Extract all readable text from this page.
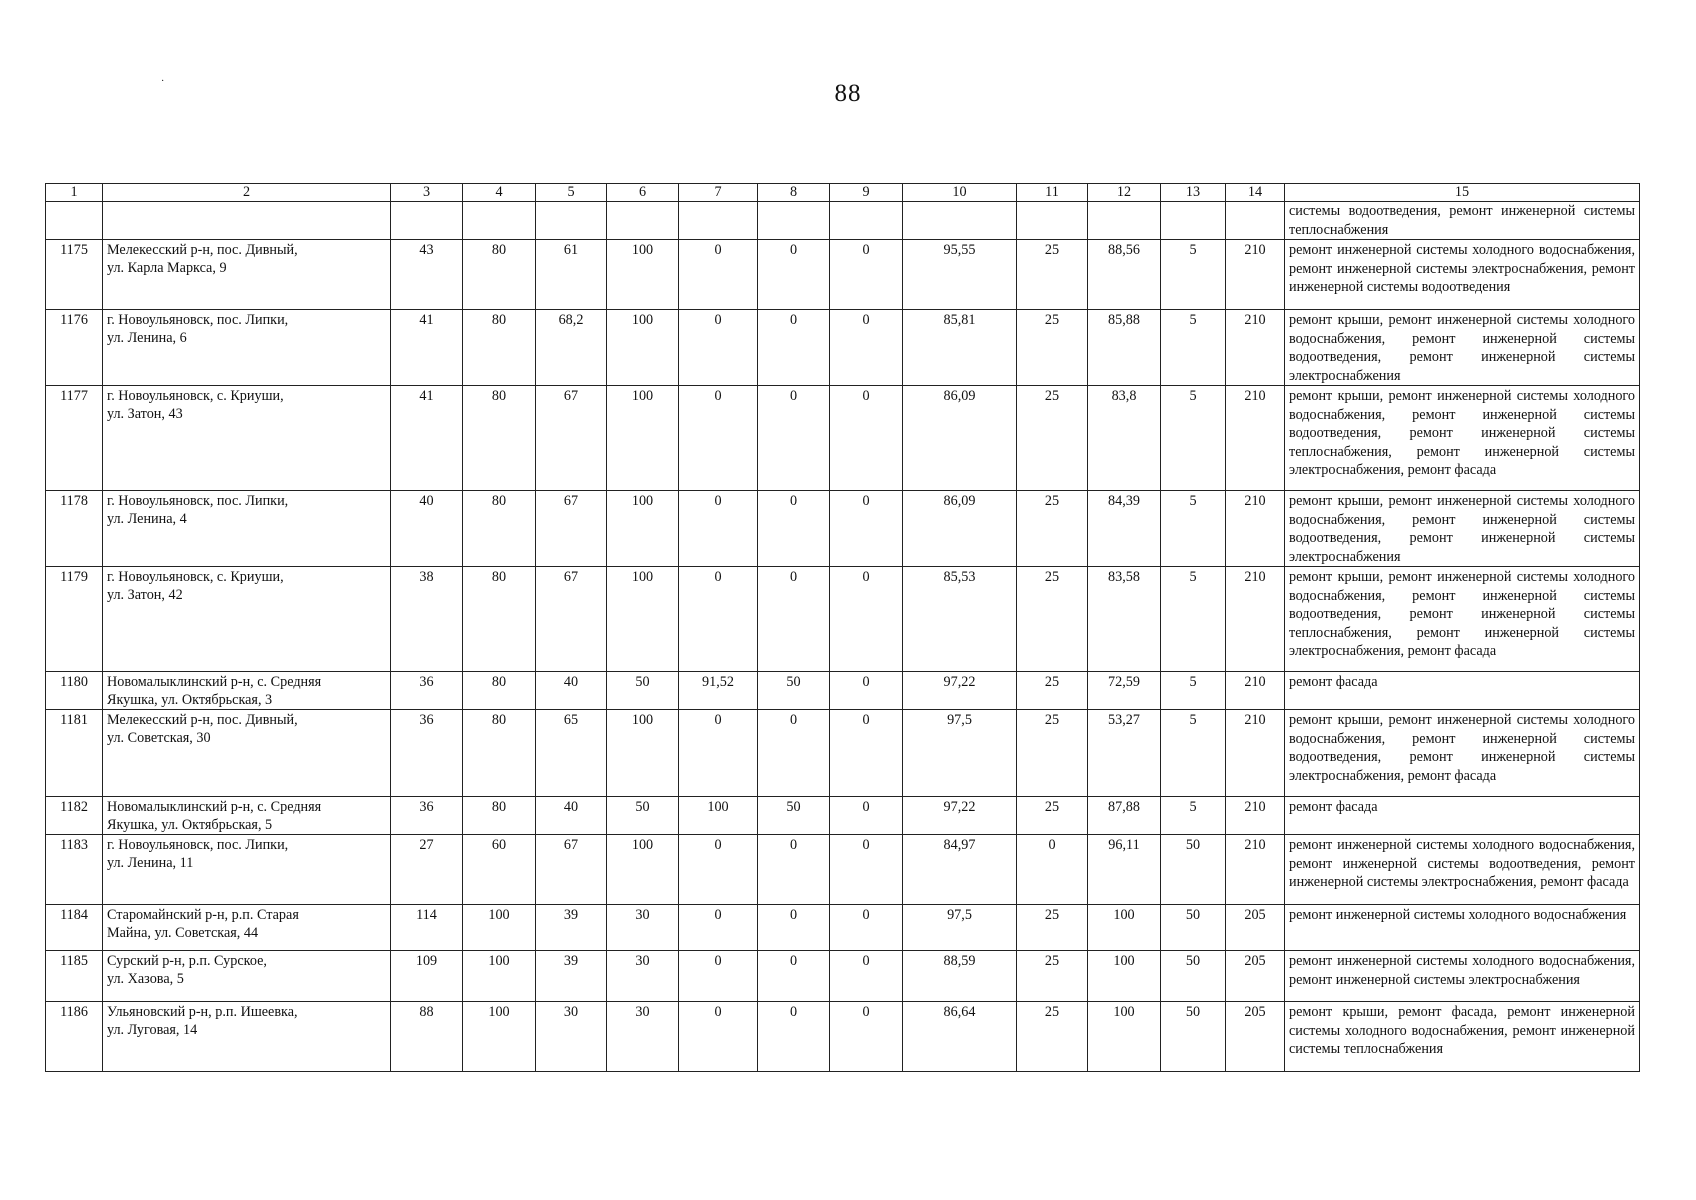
88
·
1	2	3	4	5	6	7	8	9	10	11	12	13	14	15
														системы водоотведения, ремонт инженерной системы теплоснабжения
1175	Мелекесский р-н, пос. Дивный,
ул. Карла Маркса, 9	43	80	61	100	0	0	0	95,55	25	88,56	5	210	ремонт инженерной системы холодного водоснабжения, ремонт инженерной системы электроснабжения, ремонт инженерной системы водоотведения
1176	г. Новоульяновск, пос. Липки,
ул. Ленина, 6	41	80	68,2	100	0	0	0	85,81	25	85,88	5	210	ремонт крыши, ремонт инженерной системы холодного водоснабжения, ремонт инженерной системы водоотведения, ремонт инженерной системы электроснабжения
1177	г. Новоульяновск, с. Криуши,
ул. Затон, 43	41	80	67	100	0	0	0	86,09	25	83,8	5	210	ремонт крыши, ремонт инженерной системы холодного водоснабжения, ремонт инженерной системы водоотведения, ремонт инженерной системы теплоснабжения, ремонт инженерной системы электроснабжения, ремонт фасада
1178	г. Новоульяновск, пос. Липки,
ул. Ленина, 4	40	80	67	100	0	0	0	86,09	25	84,39	5	210	ремонт крыши, ремонт инженерной системы холодного водоснабжения, ремонт инженерной системы водоотведения, ремонт инженерной системы электроснабжения
1179	г. Новоульяновск, с. Криуши,
ул. Затон, 42	38	80	67	100	0	0	0	85,53	25	83,58	5	210	ремонт крыши, ремонт инженерной системы холодного водоснабжения, ремонт инженерной системы водоотведения, ремонт инженерной системы теплоснабжения, ремонт инженерной системы электроснабжения, ремонт фасада
1180	Новомалыклинский р-н, с. Средняя
Якушка, ул. Октябрьская, 3	36	80	40	50	91,52	50	0	97,22	25	72,59	5	210	ремонт фасада
1181	Мелекесский р-н, пос. Дивный,
ул. Советская, 30	36	80	65	100	0	0	0	97,5	25	53,27	5	210	ремонт крыши, ремонт инженерной системы холодного водоснабжения, ремонт инженерной системы водоотведения, ремонт инженерной системы электроснабжения, ремонт фасада
1182	Новомалыклинский р-н, с. Средняя
Якушка, ул. Октябрьская, 5	36	80	40	50	100	50	0	97,22	25	87,88	5	210	ремонт фасада
1183	г. Новоульяновск, пос. Липки,
ул. Ленина, 11	27	60	67	100	0	0	0	84,97	0	96,11	50	210	ремонт инженерной системы холодного водоснабжения, ремонт инженерной системы водоотведения, ремонт инженерной системы электроснабжения, ремонт фасада
1184	Старомайнский р-н, р.п. Старая
Майна, ул. Советская, 44	114	100	39	30	0	0	0	97,5	25	100	50	205	ремонт инженерной системы холодного водоснабжения
1185	Сурский р-н, р.п. Сурское,
ул. Хазова, 5	109	100	39	30	0	0	0	88,59	25	100	50	205	ремонт инженерной системы холодного водоснабжения, ремонт инженерной системы электроснабжения
1186	Ульяновский р-н, р.п. Ишеевка,
ул. Луговая, 14	88	100	30	30	0	0	0	86,64	25	100	50	205	ремонт крыши, ремонт фасада, ремонт инженерной системы холодного водоснабжения, ремонт инженерной системы теплоснабжения
